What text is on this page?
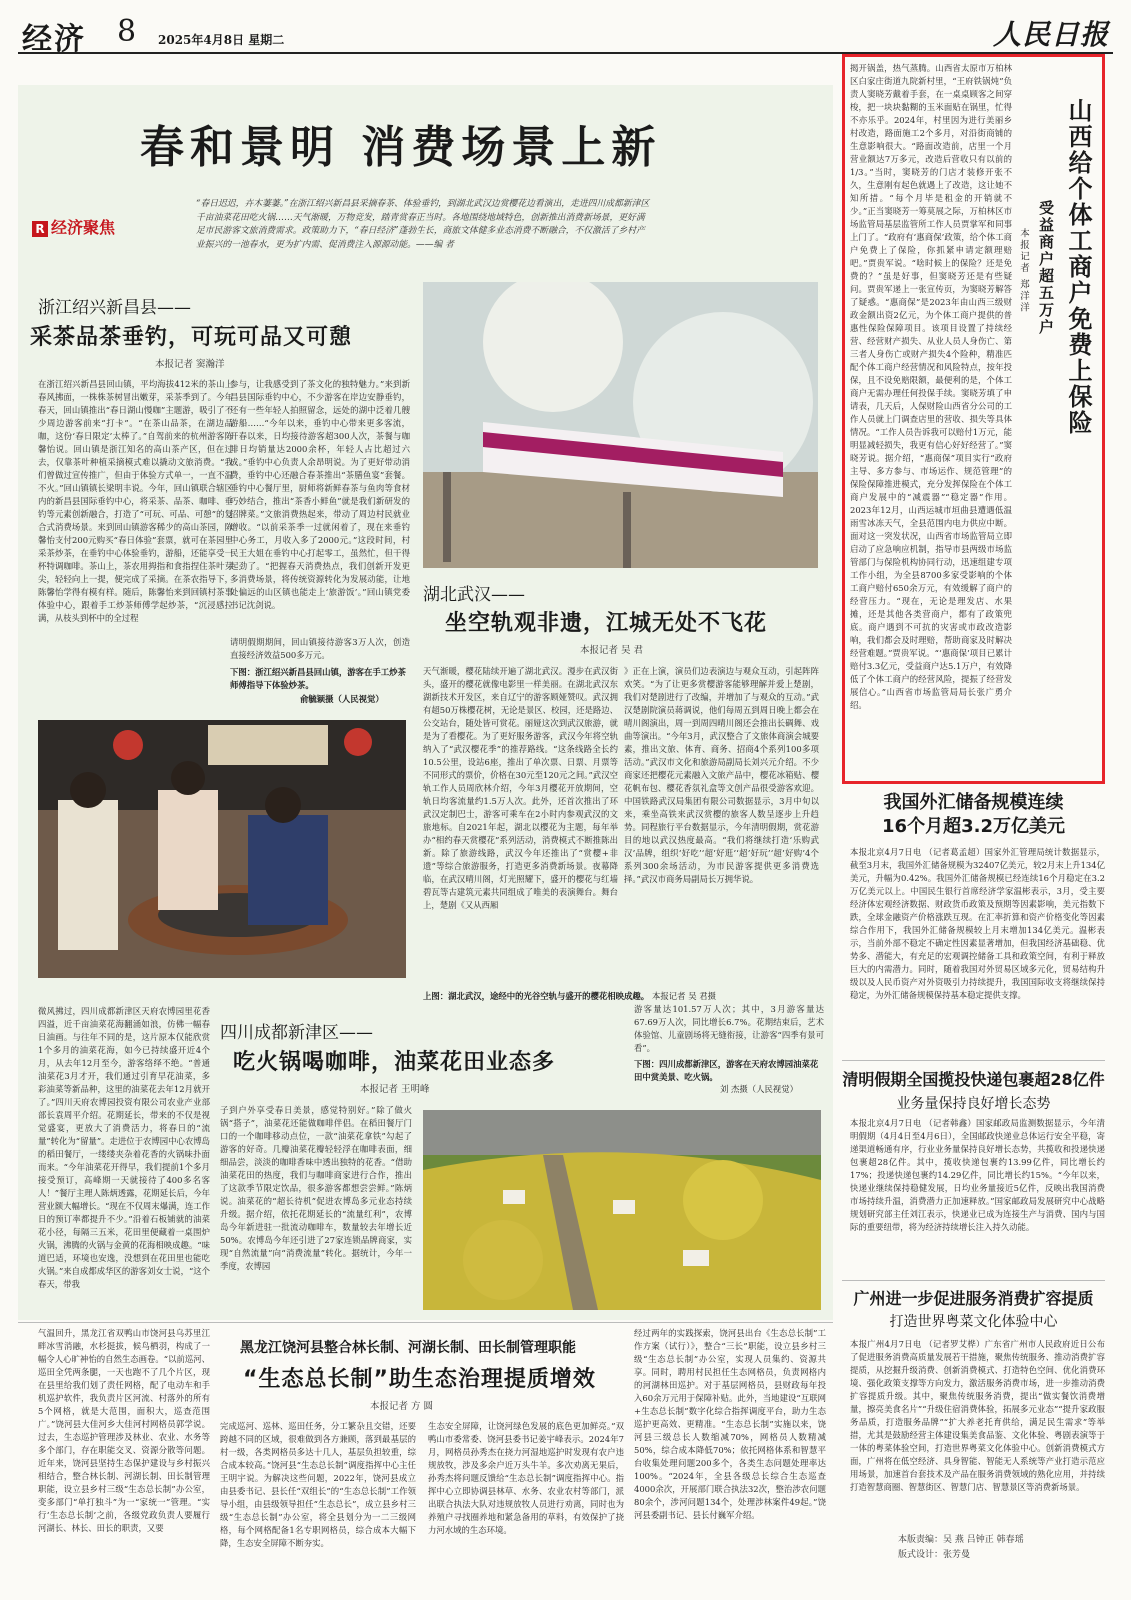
经济 8 2025年4月8日 星期二	人民日报
春和景明 消费场景上新
R 经济聚焦
“春日迟迟，卉木萋萋。”在浙江绍兴新昌县采摘春茶、体验垂钓，到湖北武汉边赏樱花边看演出，走进四川成都新津区千亩油菜花田吃火锅……天气渐暖，万物竞发，踏青赏春正当时。各地围绕地域特色，创新推出消费新场景，更好满足市民游客文旅消费需求。政策助力下，“春日经济”蓬勃生长，商旅文体健多业态消费不断融合，不仅激活了乡村产业振兴的一池春水，更为扩内需、促消费注入源源动能。——编 者
浙江绍兴新昌县——
采茶品茶垂钓，可玩可品又可憩
本报记者 窦瀚洋
在浙江绍兴新昌县回山镇，平均海拔412米的茶山上春风拂面，一株株茶树冒出嫩芽，采茶季到了。今年春天，回山镇推出“春日湖山慢咖”主题游，吸引了不少周边游客前来“打卡”。“在茶山品茶，在湖边品咖，这份‘春日限定’太棒了。”自驾前来的杭州游客陈馨怡说。回山镇是浙江知名的高山茶产区，但在过去，仅靠茶叶种植采摘模式难以撬动文旅消费。“我们曾做过宣传推广，但由于体验方式单一，一直不温不火。”回山镇镇长梁明丰说。今年，回山镇联合辖区内的新昌县国际垂钓中心，将采茶、品茶、咖啡、垂钓等元素创新融合，打造了“可玩、可品、可憩”的复合式消费场景。来到回山镇游客稀少的高山茶园，陈馨怡支付200元购买“春日体验”套票，就可在茶园里采茶炒茶，在垂钓中心体验垂钓，游船，还能享受一杯特调咖啡。茶山上，茶农用拇指和食指捏住茶叶芽尖，轻轻向上一提，便完成了采摘。在茶农指导下，陈馨怡学得有模有样。随后，陈馨怡来到回镇村茶事体验中心，跟着手工炒茶师傅学起炒茶，“沉浸感拉满，从枝头到杯中的全过程
参与，让我感受到了茶文化的独特魅力。”来到新昌县国际垂钓中心，不少游客在岸边安静垂钓，还有一些年轻人拍照留念，远处的湖中泛着几艘游船……“今年以来，垂钓中心带来更多客流，开春以来，日均接待游客超300人次，茶餐与咖啡日均销量达2000余杯，年轻人占比超过六成。”垂钓中心负责人余昂明说。为了更好带动消费，垂钓中心还融合春茶推出“茶膳鱼宴”套餐。垂钓中心餐厅里，厨师将新鲜春茶与鱼肉等食材巧妙结合，推出“茶香小鲜鱼”就是我们新研发的招牌菜。”文旅消费热起来，带动了周边村民就业增收。“以前采茶季一过就闲着了，现在来垂钓中心务工，月收入多了2000元。”这段时间，村民王大姐在垂钓中心打起零工，虽然忙，但干得起劲了。“把握春天消费热点，我们创新开发更多消费场景，将传统资源转化为发展动能，让地处偏远的山区镇也能走上‘旅游饭’。”回山镇党委书记沈剑说。
请明假期期间，回山镇接待游客3万人次，创造直接经济效益500多万元。
下图：浙江绍兴新昌县回山镇，游客在手工炒茶师傅指导下体验炒茶。
俞毓颖摄（人民视觉）
上图：湖北武汉，途经中的光谷空轨与盛开的樱花相映成趣。 本报记者 吴 君摄
湖北武汉——
坐空轨观非遗，江城无处不飞花
本报记者 吴 君
天气渐暖，樱花陆续开遍了湖北武汉。漫步在武汉街头，盛开的樱花就像电影里一样美丽。在湖北武汉东湖新技术开发区，来自辽宁的游客顾娅赞叹。武汉拥有超50万株樱花树，无论是景区、校园，还是路边、公交站台，随处皆可赏花。丽娅这次到武汉旅游，就是为了看樱花。为了更好服务游客，武汉今年将空轨纳入了“武汉樱花季”的推荐路线。“这条线路全长约10.5公里，设站6座，推出了单次票、日票、月票等不同形式的票价，价格在30元至120元之间。”武汉空轨工作人员周欣林介绍，今年3月樱花开放期间，空轨日均客流量约1.5万人次。此外，还首次推出了环武汉定制巴士，游客可乘车在2小时内参观武汉的文旅地标。自2021年起，湖北以樱花为主题，每年举办“相约春天赏樱花”系列活动，消费模式不断推陈出新。除了旅游线路，武汉今年还推出了“赏樱+非遗”等综合旅游服务，打造更多消费新场景。夜幕降临，在武汉晴川阁，灯光照耀下，盛开的樱花与红墙碧瓦等古建筑元素共同组成了唯美的表演舞台。舞台上，楚剧《又从西厢
》正在上演，演员们边表演边与观众互动，引起阵阵欢笑。“为了让更多赏樱游客能够理解并爱上楚剧，我们对楚剧进行了改编，并增加了与观众的互动。”武汉楚剧院演员蒋调说，他们每周五到周日晚上都会在晴川阁演出，周一到周四晴川阁还会推出长碉舞、戏曲等演出。“今年3月，武汉整合了文旅体商演会城要素，推出文旅、体育、商务、招商4个系列100多项活动。”武汉市文化和旅游局副局长刘兴元介绍。不少商家还把樱花元素融入文旅产品中，樱花冰箱贴、樱花帆布包、樱花香氛礼盒等文创产品很受游客欢迎。中国铁路武汉局集团有限公司数据显示，3月中旬以来，乘坐高铁来武汉赏樱的旅客人数呈逐步上升趋势。同程旅行平台数据显示，今年清明假期，赏花游目的地以武汉热度最高。“我们将继续打造‘乐购武汉’品牌，组织‘好吃’‘超’好逛’‘超’好玩’‘超’好购’4个系列300余场活动，为市民游客提供更多消费选择。”武汉市商务局副局长万拥华说。
微风拂过，四川成都新津区天府农博园里花香四溢，近千亩油菜花海翻涌如浪，仿佛一幅春日油画。与往年不同的是，这片原本仅能欣赏1个多月的油菜花海，如今已持续盛开近4个月，从去年12月至今，游客络绎不绝。“普通油菜花3月才开，我们通过引育早花油菜，多彩油菜等新品种，这里的油菜花去年12月就开了。”四川天府农博园投资有限公司农业产业部部长袁周平介绍。花期延长，带来的不仅是视觉盛宴，更放大了消费活力，将春日的“流量”转化为“留量”。走进位于农博园中心农博岛的稻田餐厅，一缕缕夹杂着花香的火锅味扑面而来。“今年油菜花开得早，我们提前1个多月接受预订，高峰期一天就接待了400多名客人！”餐厅主理人陈炳透露，花期延长后，今年营业额大幅增长。“现在不仅周末爆满，连工作日的预订率都提升不少。”沿着石板铺就的油菜花小径，每隔三五米，花田里便藏着一桌围炉火锅，沸腾的火锅与金黄的花海相映成趣。“味道巴适，环境也安逸，没想到在花田里也能吃火锅。”来自成都成华区的游客刘女士说，“这个春天，带我
四川成都新津区——
吃火锅喝咖啡，油菜花田业态多
本报记者 王明峰
子到户外享受春日美景，感觉特别好。”除了做火锅“搭子”，油菜花还能做咖啡伴侣。在稻田餐厅门口的一个咖啡移动点位，一款“油菜花拿铁”勾起了游客的好奇。几瓣油菜花瓣轻轻浮在咖啡表面，细细品尝，淡淡的咖啡香味中透出独特的花香。“借助油菜花田的热度，我们与咖啡商家进行合作，推出了这款季节限定饮品，很多游客都想尝尝鲜。”陈炳说。油菜花的“超长待机”促进农博岛多元业态持续升级。据介绍，依托花期延长的“流量红利”，农博岛今年新进驻一批流动咖啡车，数量较去年增长近50%。农博岛今年还引进了27家连锁品牌商家，实现“自然流量”向“消费流量”转化。据统计，今年一季度，农博园
游客量达101.57万人次；其中，3月游客量达67.69万人次，同比增长6.7%。花期结束后，艺术体验馆、儿童剧场将无缝衔接，让游客“四季有景可看”。
下图：四川成都新津区，游客在天府农博园油菜花田中赏美景、吃火锅。
刘 杰摄（人民视觉）
气温回升，黑龙江省双鸭山市饶河县乌苏里江畔冰雪消融，水杉挺拔，候鸟栖羽，构成了一幅令人心旷神怡的自然生态画卷。“以前巡河、巡田全凭两条腿，一天也跑不了几个片区，现在县里给我们划了责任网格，配了电动车和手机巡护软件，我负责片区河流、村落外的所有5个网格，就是大范围，面积大，巡查范围广。”饶河县大佳河乡大佳河村网格员郭学说。过去，生态巡护管理涉及林业、农业、水务等多个部门，存在职能交叉、资源分散等问题。近年来，饶河县坚持生态保护建设与乡村振兴相结合，整合林长制、河湖长制、田长制管理职能，设立县乡村三级“生态总长制”办公室，变多部门“单打独斗”为一“家统一”管理。“实行‘生态总长制’之前，各级党政负责人要履行河湖长、林长、田长的职责，又要
黑龙江饶河县整合林长制、河湖长制、田长制管理职能
“生态总长制”助生态治理提质增效
本报记者 方 圆
完成巡河、巡林、巡田任务，分工繁杂且交错，还要跨越不同的区域，很难做到各方兼顾，落到最基层的村一级，各类网格员多达十几人，基层负担较重，综合成本较高。”饶河县“生态总长制”调度指挥中心主任王明宇说。为解决这些问题，2022年，饶河县成立由县委书记、县长任“双组长”的“生态总长制”工作领导小组，由县级领导担任“生态总长”，成立县乡村三级“生态总长制”办公室，将全县划分为一二三级网格，每个网格配备1名专职网格员，综合成本大幅下降，生态安全屏障不断夯实。
生态安全屏障，让饶河绿色发展的底色更加鲜亮。”双鸭山市委常委、饶河县委书记姜宇峰表示。2024年7月，网格员孙秀杰在挠力河湿地巡护时发现有农户违规放牧，涉及多余户近万头牛羊。多次劝离无果后，孙秀杰将问题反馈给“生态总长制”调度指挥中心。指挥中心立即协调县林草、水务、农业农村等部门，派出联合执法大队对违规放牧人员进行劝离，同时也为养殖户寻找圈养地和紧急备用的草料，有效保护了挠力河水域的生态环境。
经过两年的实践探索，饶河县出台《生态总长制”工作方案（试行）》，整合“三长”职能，设立县乡村三级“生态总长制”办公室，实现人员集约、资源共享。同时，聘用村民担任生态网格员，负责网格内的河湖林田巡护。对于基层网格员，县财政每年投入60余万元用于保障补贴。此外，当地建设“互联网+生态总长制”数字化综合指挥调度平台，助力生态巡护更高效、更精准。“生态总长制”实施以来，饶河县三级总长人数缩减70%，网格员人数精减50%，综合成本降低70%；依托网格体系和智慧平台收集处理问题200多个，各类生态问题处理率达100%。“2024年，全县各级总长综合生态巡查4000余次，开展部门联合执法32次，整治涉农问题80余个，涉河问题134个，处理涉林案件49起。”饶河县委副书记、县长付巍军介绍。
揭开锅盖，热气蒸腾。山西省太原市万柏林区白家庄街道九院新村里，“王府铁锅炖”负责人窦晓芳戴着手套，在一桌桌顾客之间穿梭，把一块块黏糊的玉米面贴在锅里，忙得不亦乐乎。2024年，村里因为进行美丽乡村改造，路面施工2个多月，对沿街商铺的生意影响很大。“路面改造前，店里一个月营业额达7万多元，改造后营收只有以前的1/3。”当时，窦晓芳的门店才装修开张不久，生意刚有起色就遇上了改造，这让她不知所措。“每个月毕是租金的开销就不少。”正当窦晓芳一筹莫展之际，万柏林区市场监管局基层监管所工作人员贾掌军和同事上门了。“政府有‘惠商保’政策，给个体工商户免费上了保险，你抓紧申请定额理赔吧。”贾贵军说。“啥时候上的保险？还是免费的？”虽是好事，但窦晓芳还是有些疑问。贾贵军递上一张宣传页，为窦晓芳解答了疑惑。“惠商保”是2023年由山西三级财政金额出资2亿元，为个体工商户提供的普惠性保险保障项目。该项目设置了持续经营、经营财产损失、从业人员人身伤亡、第三者人身伤亡或财产损失4个险种，精准匹配个体工商户经营情况和风险特点，按年投保，且不设免赔限额，最便利的是，个体工商户无需办理任何投保手续。窦晓芳填了申请表，几天后，人保财险山西省分公司的工作人员就上门调查店里的营收、损失等具体情况。“工作人员告诉我可以赔付1万元，能明显减轻损失，我更有信心好好经营了。”窦晓芳说。据介绍，“惠商保”项目实行“政府主导、多方参与、市场运作、规范管理”的保险保障推进模式，充分发挥保险在个体工商户发展中的“减震器”“稳定器”作用。2023年12月，山西运城市垣曲县遭遇低温雨雪冰冻天气，全县范围内电力供应中断。面对这一突发状况，山西省市场监管局立即启动了应急响应机制，指导市县两级市场监管部门与保险机构协同行动，迅速组建专项工作小组，为全县8700多家受影响的个体工商户赔付650余万元，有效缓解了商户的经营压力。“现在，无论是理发店、水果摊，还是其他各类营商户，都有了政策兜底。商户遇到不可抗的灾害或市政改造影响，我们都会及时理赔，帮助商家及时解决经营难题。”贾贵军说。“‘惠商保’项目已累计赔付3.3亿元，受益商户达5.1万户，有效降低了个体工商户的经营风险，提振了经营发展信心。”山西省市场监管局局长张广勇介绍。
山西给个体工商户免费上保险
受益商户超五万户
本报记者 郑洋洋
我国外汇储备规模连续
16个月超3.2万亿美元
本报北京4月7日电 （记者葛孟超）国家外汇管理局统计数据显示，截至3月末，我国外汇储备规模为32407亿美元，较2月末上升134亿美元，升幅为0.42%。我国外汇储备规模已经连续16个月稳定在3.2万亿美元以上。中国民生银行首席经济学家温彬表示，3月，受主要经济体宏观经济数据、财政货币政策及预期等因素影响，美元指数下跌，全球金融资产价格涨跌互现。在汇率折算和资产价格变化等因素综合作用下，我国外汇储备规模较上月末增加134亿美元。温彬表示，当前外部不稳定不确定性因素显著增加，但我国经济基础稳、优势多、潜能大，有充足的宏观调控储备工具和政策空间，有利于释放巨大的内需潜力。同时，随着我国对外贸易区域多元化，贸易结构升级以及人民币资产对外资吸引力持续提升，我国国际收支将继续保持稳定，为外汇储备规模保持基本稳定提供支撑。
清明假期全国揽投快递包裹超28亿件
业务量保持良好增长态势
本报北京4月7日电 （记者韩鑫）国家邮政局监测数据显示，今年清明假期（4月4日至4月6日），全国邮政快递业总体运行安全平稳，寄递渠道畅通有序，行业业务量保持良好增长态势，共揽收和投递快递包裹超28亿件。其中，揽收快递包裹约13.99亿件，同比增长约17%；投递快递包裹约14.29亿件，同比增长约15%。“今年以来，快递业继续保持稳健发展，日均业务量接近5亿件，反映出我国消费市场持续升温，消费潜力正加速释放。”国家邮政局发展研究中心战略规划研究部主任刘江表示，快递业已成为连接生产与消费、国内与国际的重要纽带，将为经济持续增长注入持久动能。
广州进一步促进服务消费扩容提质
打造世界粤菜文化体验中心
本报广州4月7日电 （记者罗艾桦）广东省广州市人民政府近日公布了促进服务消费高质量发展若干措施，聚焦传统服务、推动消费扩容提质，从挖掘升级消费、创新消费模式、打造特色空间、优化消费环境、强化政策支撑等方向发力，激活服务消费市场，进一步推动消费扩容提质升级。其中，聚焦传统服务消费，提出“做实餐饮消费增量，擦亮美食名片”“升级住宿消费体验，拓展多元业态”“提升家政服务品质，打造服务品牌”“扩大养老托育供给，满足民生需求”等举措，尤其是鼓励经营主体建设集美食品鉴、文化体验、粤剧表演等于一体的粤菜体验空间，打造世界粤菜文化体验中心。创新消费模式方面，广州将在低空经济、具身智能、智能无人系统等产业打造示范应用场景，加速首台套技术及产品在服务消费领域的熟化应用，并持续打造智慧商圈、智慧街区、智慧门店、智慧景区等消费新场景。
本版责编：吴 燕 吕钟正 韩春瑶
版式设计：张芳曼
